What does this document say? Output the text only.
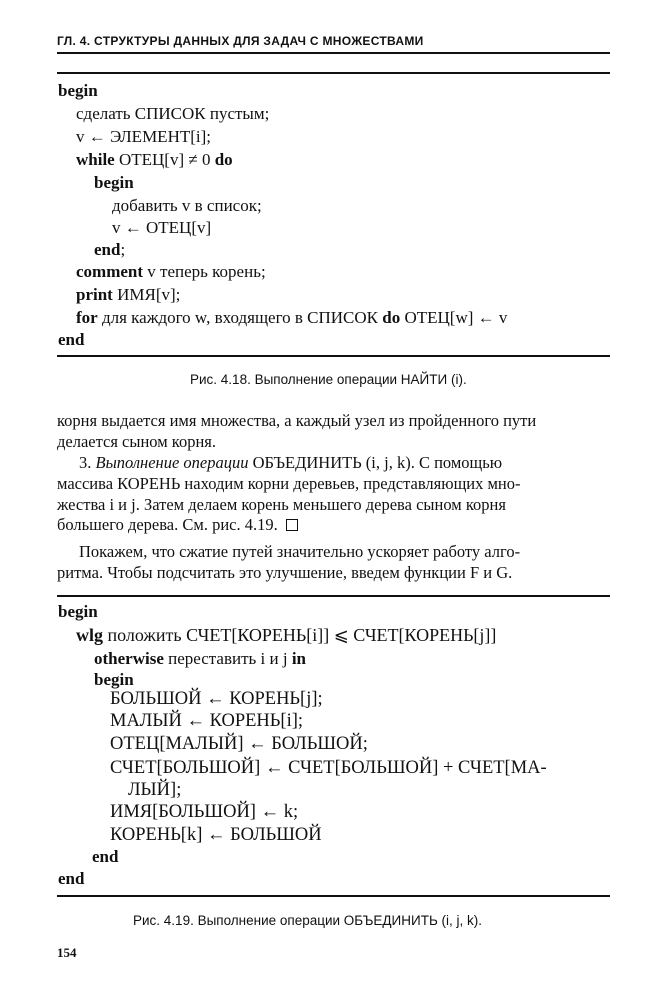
ГЛ. 4. СТРУКТУРЫ ДАННЫХ ДЛЯ ЗАДАЧ С МНОЖЕСТВАМИ
begin
сделать СПИСОК пустым;
v ← ЭЛЕМЕНТ[i];
while ОТЕЦ[v] ≠ 0 do
begin
добавить v в список;
v ← ОТЕЦ[v]
end;
comment v теперь корень;
print ИМЯ[v];
for для каждого w, входящего в СПИСОК do ОТЕЦ[w] ← v
end
Рис. 4.18. Выполнение операции НАЙТИ (i).
корня выдается имя множества, а каждый узел из пройденного пути
делается сыном корня.
3. Выполнение операции ОБЪЕДИНИТЬ (i, j, k). С помощью
массива КОРЕНЬ находим корни деревьев, представляющих мно-
жества i и j. Затем делаем корень меньшего дерева сыном корня
большего дерева. См. рис. 4.19.
Покажем, что сжатие путей значительно ускоряет работу алго-
ритма. Чтобы подсчитать это улучшение, введем функции F и G.
begin
wlg положить СЧЕТ[КОРЕНЬ[i]] ⩽ СЧЕТ[КОРЕНЬ[j]]
otherwise переставить i и j in
begin
БОЛЬШОЙ ← КОРЕНЬ[j];
МАЛЫЙ ← КОРЕНЬ[i];
ОТЕЦ[МАЛЫЙ] ← БОЛЬШОЙ;
СЧЕТ[БОЛЬШОЙ] ← СЧЕТ[БОЛЬШОЙ] + СЧЕТ[МА-
ЛЫЙ];
ИМЯ[БОЛЬШОЙ] ← k;
КОРЕНЬ[k] ← БОЛЬШОЙ
end
end
Рис. 4.19. Выполнение операции ОБЪЕДИНИТЬ (i, j, k).
154
